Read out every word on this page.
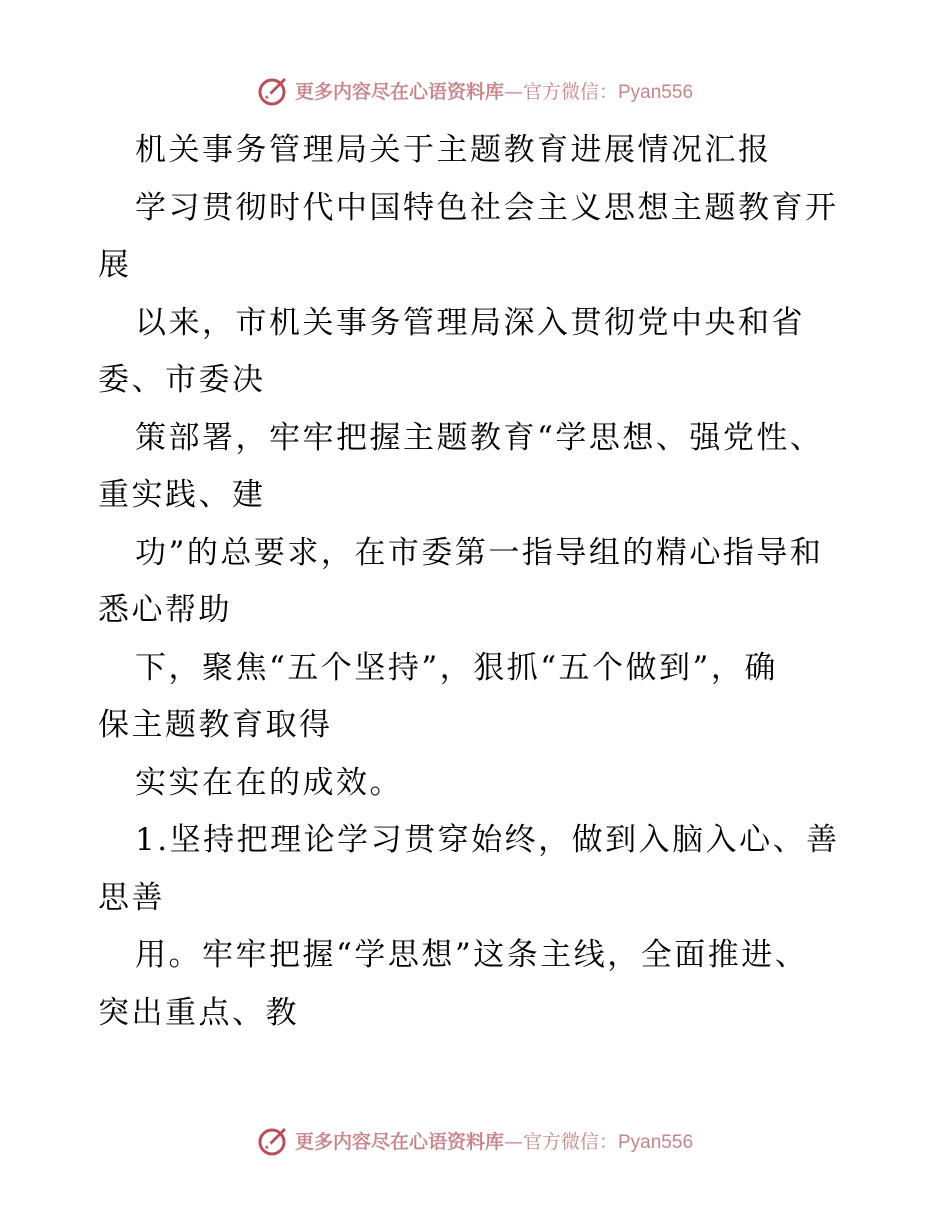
更多内容尽在心语资料库—官方微信：Pyan556
机关事务管理局关于主题教育进展情况汇报
学习贯彻时代中国特色社会主义思想主题教育开
展
以来，市机关事务管理局深入贯彻党中央和省
委、市委决
策部署，牢牢把握主题教育“学思想、强党性、
重实践、建
功”的总要求，在市委第一指导组的精心指导和
悉心帮助
下，聚焦“五个坚持”，狠抓“五个做到”，确
保主题教育取得
实实在在的成效。
1.坚持把理论学习贯穿始终，做到入脑入心、善
思善
用。牢牢把握“学思想”这条主线，全面推进、
突出重点、教
更多内容尽在心语资料库—官方微信：Pyan556
